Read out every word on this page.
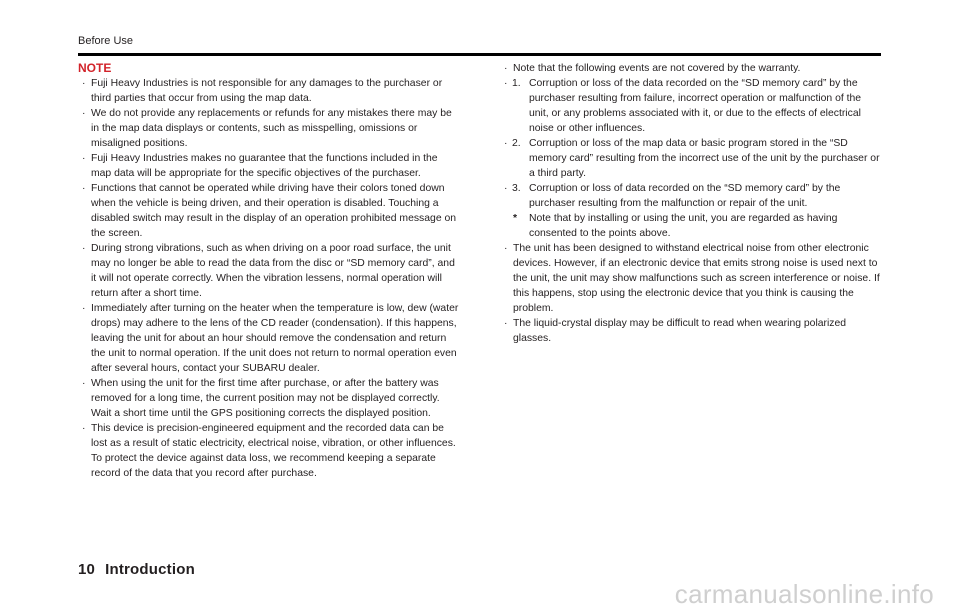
Before Use
NOTE
· Fuji Heavy Industries is not responsible for any damages to the purchaser or third parties that occur from using the map data.
· We do not provide any replacements or refunds for any mistakes there may be in the map data displays or contents, such as misspelling, omissions or misaligned positions.
· Fuji Heavy Industries makes no guarantee that the functions included in the map data will be appropriate for the specific objectives of the purchaser.
· Functions that cannot be operated while driving have their colors toned down when the vehicle is being driven, and their operation is disabled. Touching a disabled switch may result in the display of an operation prohibited message on the screen.
· During strong vibrations, such as when driving on a poor road surface, the unit may no longer be able to read the data from the disc or “SD memory card”, and it will not operate correctly. When the vibration lessens, normal operation will return after a short time.
· Immediately after turning on the heater when the temperature is low, dew (water drops) may adhere to the lens of the CD reader (condensation). If this happens, leaving the unit for about an hour should remove the condensation and return the unit to normal operation. If the unit does not return to normal operation even after several hours, contact your SUBARU dealer.
· When using the unit for the first time after purchase, or after the battery was removed for a long time, the current position may not be displayed correctly. Wait a short time until the GPS positioning corrects the displayed position.
· This device is precision-engineered equipment and the recorded data can be lost as a result of static electricity, electrical noise, vibration, or other influences. To protect the device against data loss, we recommend keeping a separate record of the data that you record after purchase.
· Note that the following events are not covered by the warranty.
· 1. Corruption or loss of the data recorded on the “SD memory card” by the purchaser resulting from failure, incorrect operation or malfunction of the unit, or any problems associated with it, or due to the effects of electrical noise or other influences.
· 2. Corruption or loss of the map data or basic program stored in the “SD memory card” resulting from the incorrect use of the unit by the purchaser or a third party.
· 3. Corruption or loss of data recorded on the “SD memory card” by the purchaser resulting from the malfunction or repair of the unit.
* Note that by installing or using the unit, you are regarded as having consented to the points above.
· The unit has been designed to withstand electrical noise from other electronic devices. However, if an electronic device that emits strong noise is used next to the unit, the unit may show malfunctions such as screen interference or noise. If this happens, stop using the electronic device that you think is causing the problem.
· The liquid-crystal display may be difficult to read when wearing polarized glasses.
10 Introduction
carmanualsonline.info
